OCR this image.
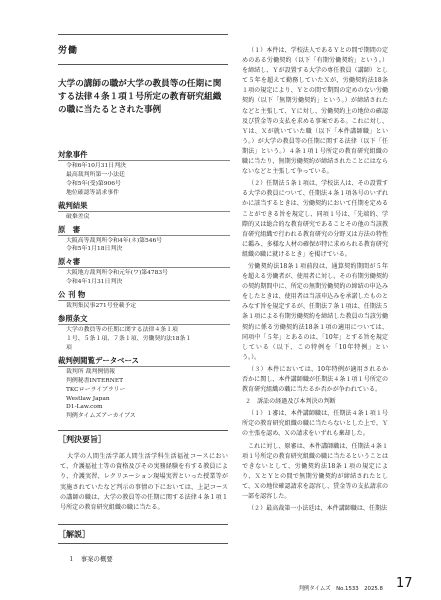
労働
大学の講師の職が大学の教員等の任期に関する法律４条１項１号所定の教育研究組織の職に当たるとされた事例
対象事件
令和6年10月31日判決
最高裁判所第一小法廷
令和5年(受)第906号
地位確認等請求事件
裁判結果
破棄差戻
原　審
大阪高等裁判所令和4年(ネ)第546号
令和5年1月18日判決
原々審
大阪地方裁判所令和元年(ワ)第4783号
令和4年1月31日判決
公 刊 物
裁判集民事271号登載予定
参照条文
大学の教員等の任期に関する法律４条１項
１号、５条１項、７条１項、労働契約法18条１
項
裁判例閲覧データベース
裁判所 裁判例情報
判例秘書INTERNET
TKCローライブラリー
Westlaw Japan
D1-Law.com
判例タイムズアーカイブス
［判決要旨］

大学の人間生活学部人間生活学科生活福祉コースにおいて、介護福祉士等の資格及びその実務経験を有する教員により、介護実習、レクリエーション現場実習といった授業等が実施されていたなど判示の事情の下においては、上記コースの講師の職は、大学の教員等の任期に関する法律４条１項１号所定の教育研究組織の職に当たる。

［解説］
１　事案の概要

（１）本件は、学校法人であるＹとの間で期間の定めのある労働契約（以下「有期労働契約」という。）を締結し、Ｙが設置する大学の専任教員（講師）として５年を超えて勤務していたＸが、労働契約法18条１項の規定により、Ｙとの間で期間の定めのない労働契約（以下「無期労働契約」という。）が締結されたなどと主張して、Ｙに対し、労働契約上の地位の確認及び賃金等の支払を求める事案である。これに対し、Ｙは、Ｘが就いていた職（以下「本件講師職」という。）が大学の教員等の任期に関する法律（以下「任期法」という。）４条１項１号所定の教育研究組織の職に当たり、無期労働契約が締結されたことにはならないなどと主張して争っている。

（２）任期法５条１項は、学校法人は、その設置する大学の教員について、任期法４条１項各号のいずれかに該当するときは、労働契約において任期を定めることができる旨を規定し、同項１号は、「先端的、学際的又は総合的な教育研究であることその他の当該教育研究組織で行われる教育研究の分野又は方法の特性に鑑み、多様な人材の確保が特に求められる教育研究組織の職に就けるとき」を掲げている。

労働契約法18条１項前段は、通算契約期間が５年を超える労働者が、使用者に対し、その有期労働契約の契約期間中に、所定の無期労働契約の締結の申込みをしたときは、使用者は当該申込みを承諾したものとみなす旨を規定するが、任期法７条１項は、任期法５条１項による有期労働契約を締結した教員の当該労働契約に係る労働契約法18条１項の適用については、同項中「５年」とあるのは、「10年」とする旨を規定している（以下、この特例を「10年特例」という。）。

（３）本件においては、10年特例が適用されるか否かに関し、本件講師職が任期法４条１項１号所定の教育研究組織の職に当たるか否かが争われている。

２　訴訟の経過及び本判決の判断

（１）１審は、本件講師職は、任期法４条１項１号所定の教育研究組織の職に当たらないとした上で、Ｙの主張を認め、Ｘの請求をいずれも棄却した。

これに対し、原審は、本件講師職は、任期法４条１項１号所定の教育研究組織の職に当たるということはできないとして、労働契約法18条１項の規定により、ＸとＹとの間で無期労働契約が締結されたとして、Ｘの地位確認請求を認容し、賃金等の支払請求の一部を認容した。

（２）最高裁第一小法廷は、本件講師職は、任期法

判例タイムズ　No.1533　2025.8 17
